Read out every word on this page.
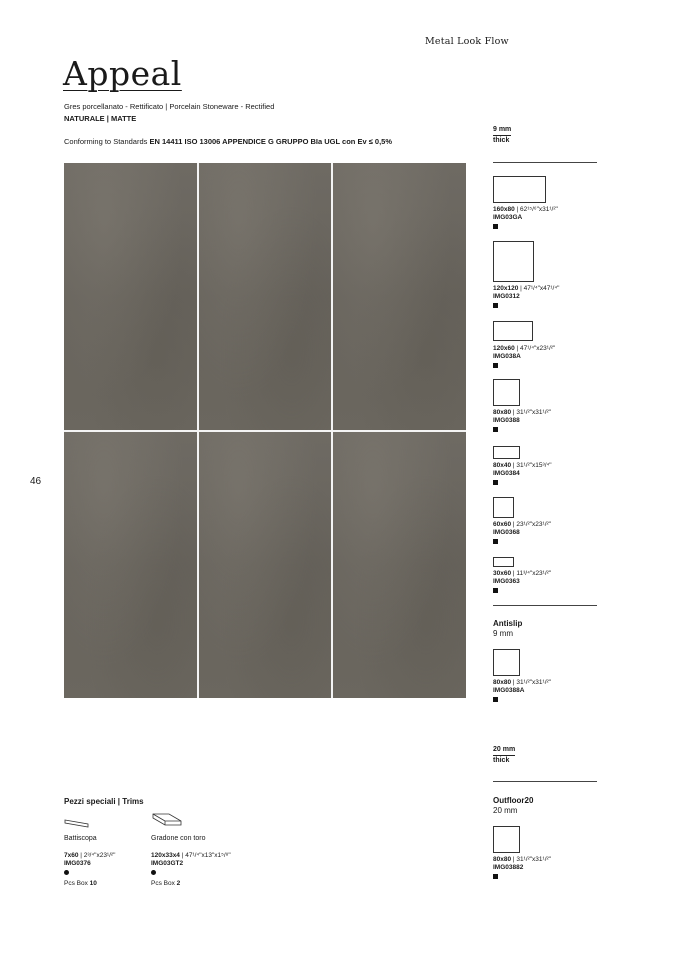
Metal Look Flow
Appeal
Gres porcellanato - Rettificato | Porcelain Stoneware - Rectified
NATURALE | MATTE
Conforming to Standards EN 14411 ISO 13006 APPENDICE G GRUPPO BIa UGL con Ev ≤ 0,5%
46
9 mm
thick
160x80 | 62¹⁵/⁶"x31¹/²"
IMG03GA
120x120 | 47¹/⁴"x47¹/⁴"
IMG0312
120x60 | 47¹/⁴"x23¹/²"
IMG038A
80x80 | 31¹/²"x31¹/²"
IMG0388
80x40 | 31¹/²"x15³/⁴"
IMG0384
60x60 | 23¹/²"x23¹/²"
IMG0368
30x60 | 11³/⁴"x23¹/²"
IMG0363
Antislip
9 mm
80x80 | 31¹/²"x31¹/²"
IMG0388A
20 mm
thick
Outfloor20
20 mm
80x80 | 31¹/²"x31¹/²"
IMG03882
Pezzi speciali | Trims
Battiscopa
7x60 | 2³/⁴"x23¹/²"
IMG0376
Pcs Box 10
Gradone con toro
120x33x4 | 47¹/⁴"x13"x1⁵/⁸"
IMG03GT2
Pcs Box 2
